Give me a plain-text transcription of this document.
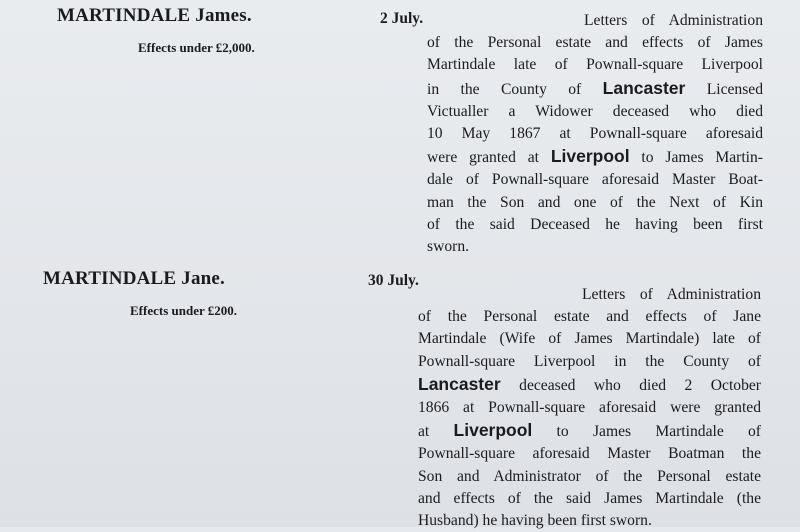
MARTINDALE James.
Effects under £2,000.
2 July.	Letters of Administration
of the Personal estate and effects of James
Martindale late of Pownall-square Liverpool
in the County of Lancaster Licensed
Victualler a Widower deceased who died
10 May 1867 at Pownall-square aforesaid
were granted at Liverpool to James Martin-
dale of Pownall-square aforesaid Master Boat-
man the Son and one of the Next of Kin
of the said Deceased he having been first
sworn.
MARTINDALE Jane.
Effects under £200.
30 July.
Letters of Administration
of the Personal estate and effects of Jane
Martindale (Wife of James Martindale) late of
Pownall-square Liverpool in the County of
Lancaster deceased who died 2 October
1866 at Pownall-square aforesaid were granted
at Liverpool to James Martindale of
Pownall-square aforesaid Master Boatman the
Son and Administrator of the Personal estate
and effects of the said James Martindale (the
Husband) he having been first sworn.
